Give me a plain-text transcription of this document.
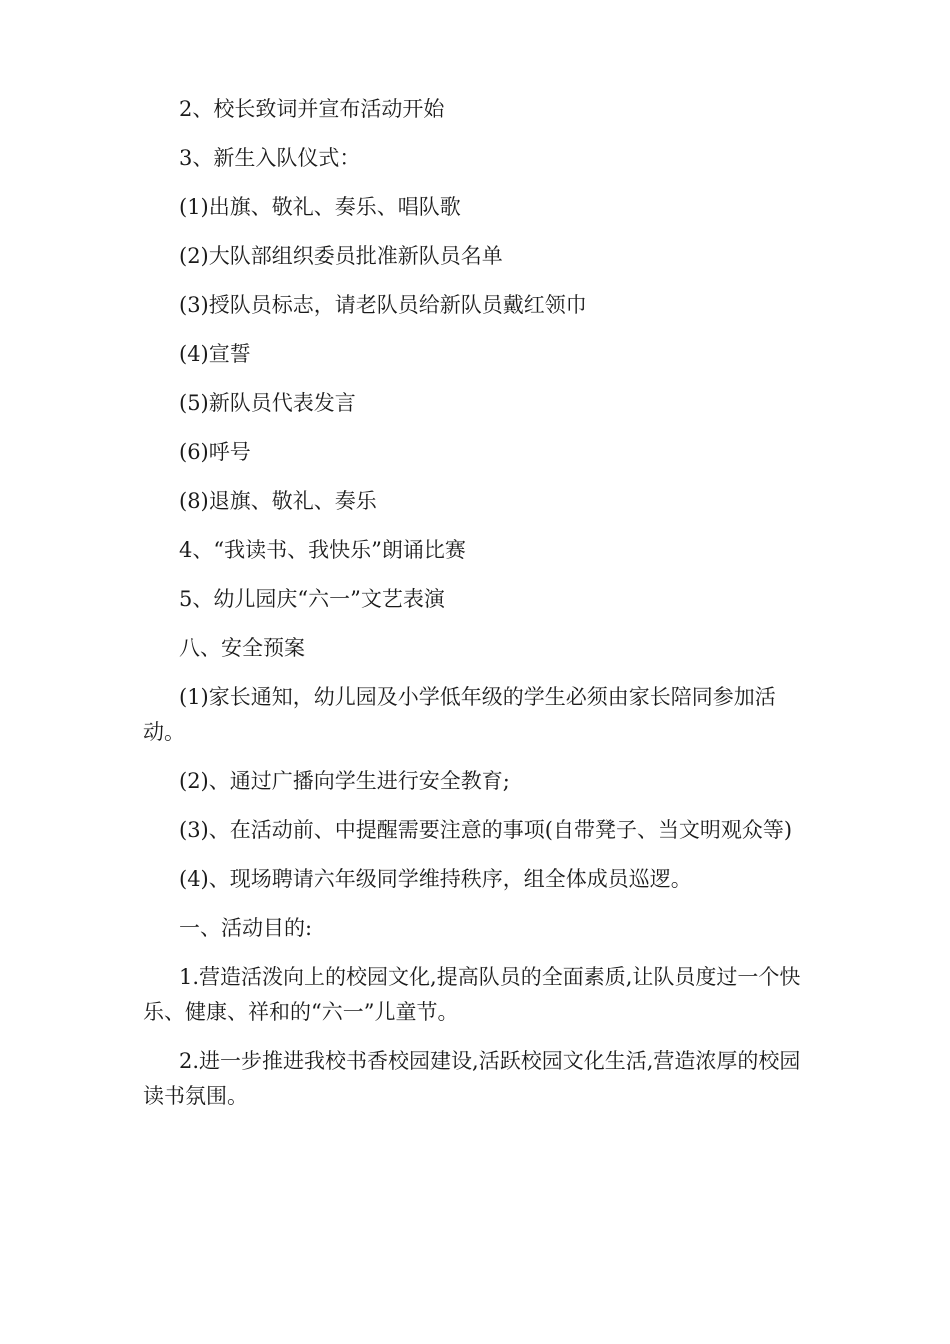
2、校长致词并宣布活动开始

3、新生入队仪式：

(1)出旗、敬礼、奏乐、唱队歌

(2)大队部组织委员批准新队员名单

(3)授队员标志，请老队员给新队员戴红领巾

(4)宣誓

(5)新队员代表发言

(6)呼号

(8)退旗、敬礼、奏乐

4、“我读书、我快乐”朗诵比赛

5、幼儿园庆“六一”文艺表演

八、安全预案

(1)家长通知，幼儿园及小学低年级的学生必须由家长陪同参加活动。

(2)、通过广播向学生进行安全教育;

(3)、在活动前、中提醒需要注意的事项(自带凳子、当文明观众等)

(4)、现场聘请六年级同学维持秩序，组全体成员巡逻。

一、活动目的:

1.营造活泼向上的校园文化,提高队员的全面素质,让队员度过一个快乐、健康、祥和的“六一”儿童节。

2.进一步推进我校书香校园建设,活跃校园文化生活,营造浓厚的校园读书氛围。
